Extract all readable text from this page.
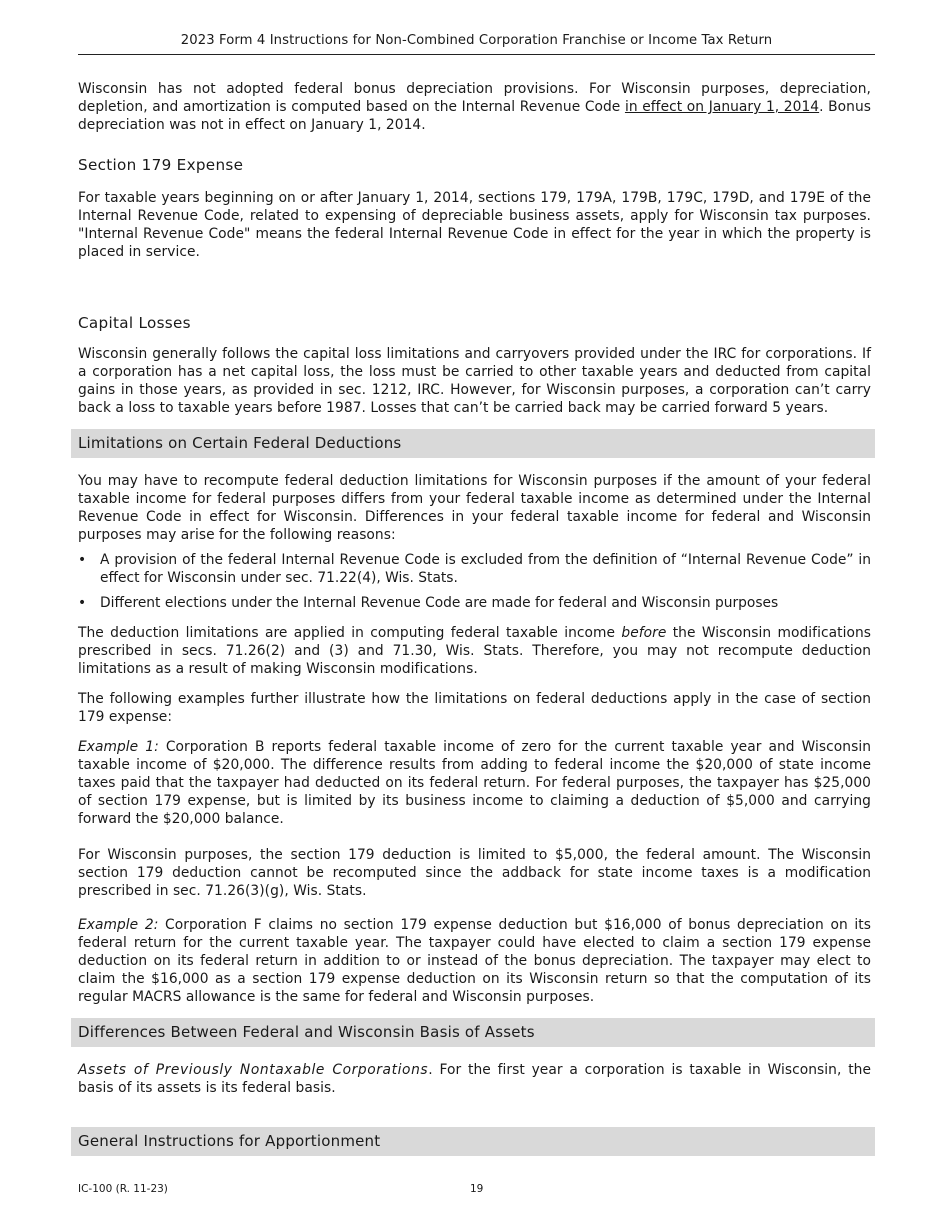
2023 Form 4 Instructions for Non-Combined Corporation Franchise or Income Tax Return

Wisconsin has not adopted federal bonus depreciation provisions. For Wisconsin purposes, depreciation, depletion, and amortization is computed based on the Internal Revenue Code in effect on January 1, 2014. Bonus depreciation was not in effect on January 1, 2014.

Section 179 Expense

For taxable years beginning on or after January 1, 2014, sections 179, 179A, 179B, 179C, 179D, and 179E of the Internal Revenue Code, related to expensing of depreciable business assets, apply for Wisconsin tax purposes. "Internal Revenue Code" means the federal Internal Revenue Code in effect for the year in which the property is placed in service.

Capital Losses

Wisconsin generally follows the capital loss limitations and carryovers provided under the IRC for corporations. If a corporation has a net capital loss, the loss must be carried to other taxable years and deducted from capital gains in those years, as provided in sec. 1212, IRC. However, for Wisconsin purposes, a corporation can’t carry back a loss to taxable years before 1987. Losses that can’t be carried back may be carried forward 5 years.

Limitations on Certain Federal Deductions

You may have to recompute federal deduction limitations for Wisconsin purposes if the amount of your federal taxable income for federal purposes differs from your federal taxable income as determined under the Internal Revenue Code in effect for Wisconsin. Differences in your federal taxable income for federal and Wisconsin purposes may arise for the following reasons:

• A provision of the federal Internal Revenue Code is excluded from the definition of “Internal Revenue Code” in effect for Wisconsin under sec. 71.22(4), Wis. Stats.
• Different elections under the Internal Revenue Code are made for federal and Wisconsin purposes

The deduction limitations are applied in computing federal taxable income before the Wisconsin modifications prescribed in secs. 71.26(2) and (3) and 71.30, Wis. Stats. Therefore, you may not recompute deduction limitations as a result of making Wisconsin modifications.

The following examples further illustrate how the limitations on federal deductions apply in the case of section 179 expense:

Example 1: Corporation B reports federal taxable income of zero for the current taxable year and Wisconsin taxable income of $20,000. The difference results from adding to federal income the $20,000 of state income taxes paid that the taxpayer had deducted on its federal return. For federal purposes, the taxpayer has $25,000 of section 179 expense, but is limited by its business income to claiming a deduction of $5,000 and carrying forward the $20,000 balance.

For Wisconsin purposes, the section 179 deduction is limited to $5,000, the federal amount. The Wisconsin section 179 deduction cannot be recomputed since the addback for state income taxes is a modification prescribed in sec. 71.26(3)(g), Wis. Stats.

Example 2: Corporation F claims no section 179 expense deduction but $16,000 of bonus depreciation on its federal return for the current taxable year. The taxpayer could have elected to claim a section 179 expense deduction on its federal return in addition to or instead of the bonus depreciation. The taxpayer may elect to claim the $16,000 as a section 179 expense deduction on its Wisconsin return so that the computation of its regular MACRS allowance is the same for federal and Wisconsin purposes.

Differences Between Federal and Wisconsin Basis of Assets

Assets of Previously Nontaxable Corporations. For the first year a corporation is taxable in Wisconsin, the basis of its assets is its federal basis.

General Instructions for Apportionment
IC-100 (R. 11-23)	19
